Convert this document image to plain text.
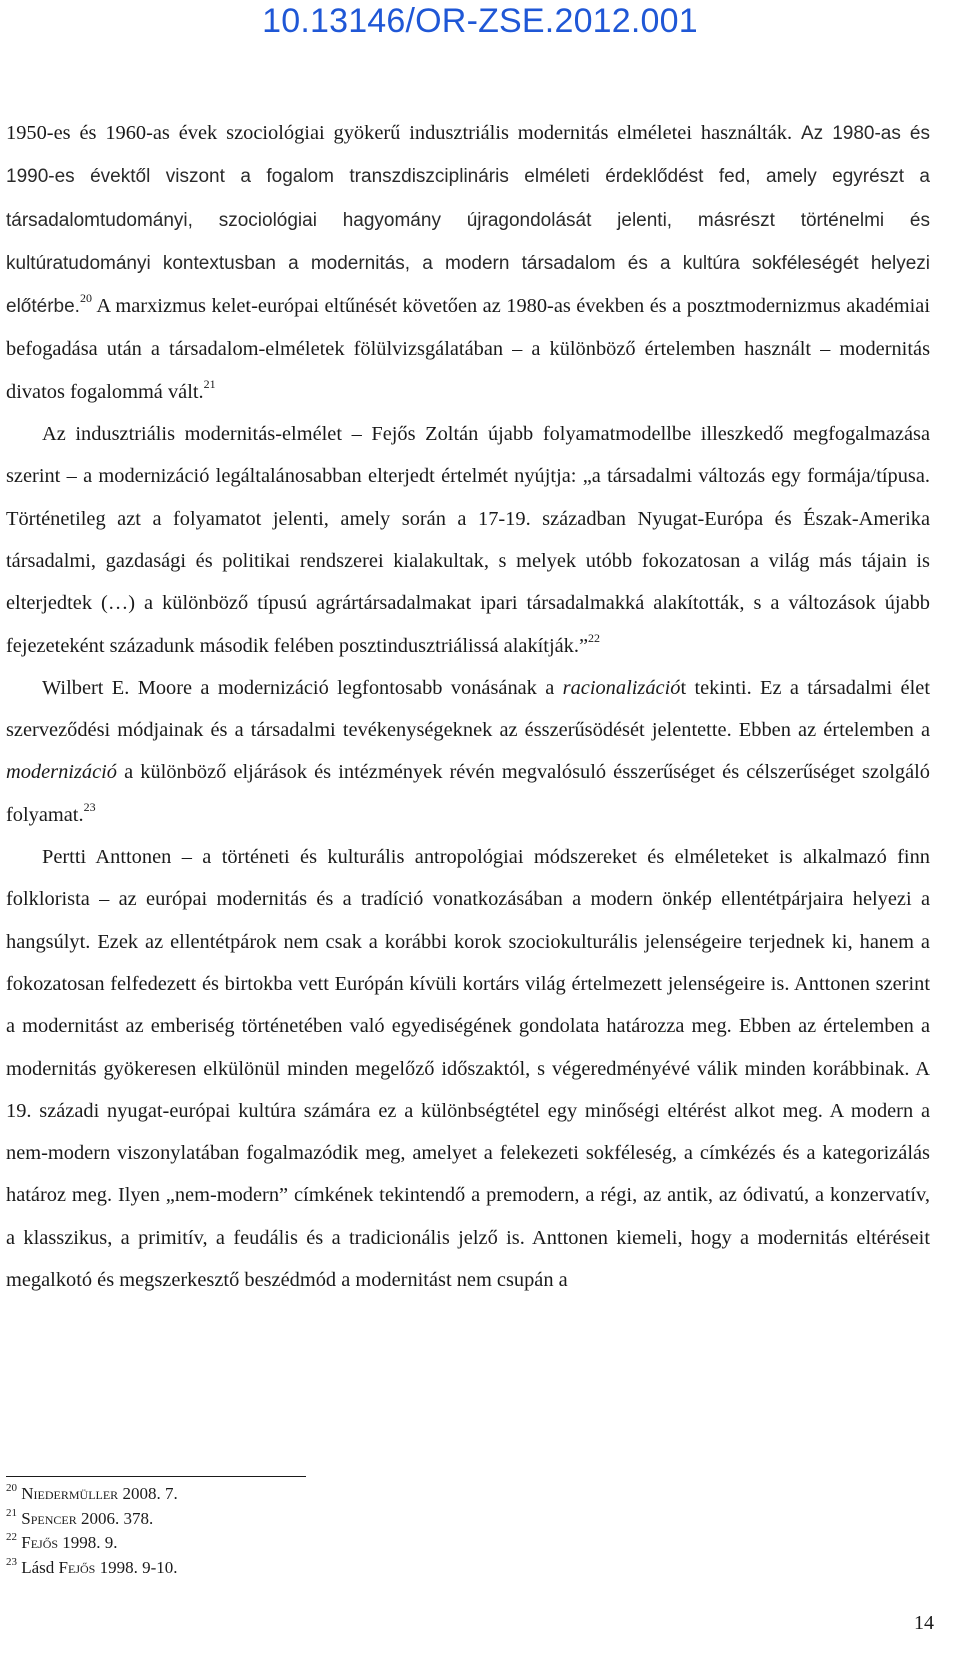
10.13146/OR-ZSE.2012.001

1950-es és 1960-as évek szociológiai gyökerű indusztriális modernitás elméletei használták. Az 1980-as és 1990-es évektől viszont a fogalom transzdiszciplináris elméleti érdeklődést fed, amely egyrészt a társadalomtudományi, szociológiai hagyomány újragondolását jelenti, másrészt történelmi és kultúratudományi kontextusban a modernitás, a modern társadalom és a kultúra sokféleségét helyezi előtérbe.$^{20}$ A marxizmus kelet-európai eltűnését követően az 1980-as években és a posztmodernizmus akadémiai befogadása után a társadalom-elméletek fölülvizsgálatában – a különböző értelemben használt – modernitás divatos fogalommá vált.$^{21}$

Az indusztriális modernitás-elmélet – Fejős Zoltán újabb folyamatmodellbe illeszkedő megfogalmazása szerint – a modernizáció legáltalánosabban elterjedt értelmét nyújtja: „a társadalmi változás egy formája/típusa. Történetileg azt a folyamatot jelenti, amely során a 17-19. században Nyugat-Európa és Észak-Amerika társadalmi, gazdasági és politikai rendszerei kialakultak, s melyek utóbb fokozatosan a világ más tájain is elterjedtek (…) a különböző típusú agrártársadalmakat ipari társadalmakká alakították, s a változások újabb fejezeteként századunk második felében posztindusztriálissá alakítják.”$^{22}$

Wilbert E. Moore a modernizáció legfontosabb vonásának a racionalizációt tekinti. Ez a társadalmi élet szerveződési módjainak és a társadalmi tevékenységeknek az ésszerűsödését jelentette. Ebben az értelemben a modernizáció a különböző eljárások és intézmények révén megvalósuló ésszerűséget és célszerűséget szolgáló folyamat.$^{23}$

Pertti Anttonen – a történeti és kulturális antropológiai módszereket és elméleteket is alkalmazó finn folklorista – az európai modernitás és a tradíció vonatkozásában a modern önkép ellentétpárjaira helyezi a hangsúlyt. Ezek az ellentétpárok nem csak a korábbi korok szociokulturális jelenségeire terjednek ki, hanem a fokozatosan felfedezett és birtokba vett Európán kívüli kortárs világ értelmezett jelenségeire is. Anttonen szerint a modernitást az emberiség történetében való egyediségének gondolata határozza meg. Ebben az értelemben a modernitás gyökeresen elkülönül minden megelőző időszaktól, s végeredményévé válik minden korábbinak. A 19. századi nyugat-európai kultúra számára ez a különbségtétel egy minőségi eltérést alkot meg. A modern a nem-modern viszonylatában fogalmazódik meg, amelyet a felekezeti sokféleség, a címkézés és a kategorizálás határoz meg. Ilyen „nem-modern” címkének tekintendő a premodern, a régi, az antik, az ódivatú, a konzervatív, a klasszikus, a primitív, a feudális és a tradicionális jelző is. Anttonen kiemeli, hogy a modernitás eltéréseit megalkotó és megszerkesztő beszédmód a modernitást nem csupán a

$^{20}$ Niedermüller 2008. 7.
$^{21}$ Spencer 2006. 378.
$^{22}$ Fejős 1998. 9.
$^{23}$ Lásd Fejős 1998. 9-10.
14
